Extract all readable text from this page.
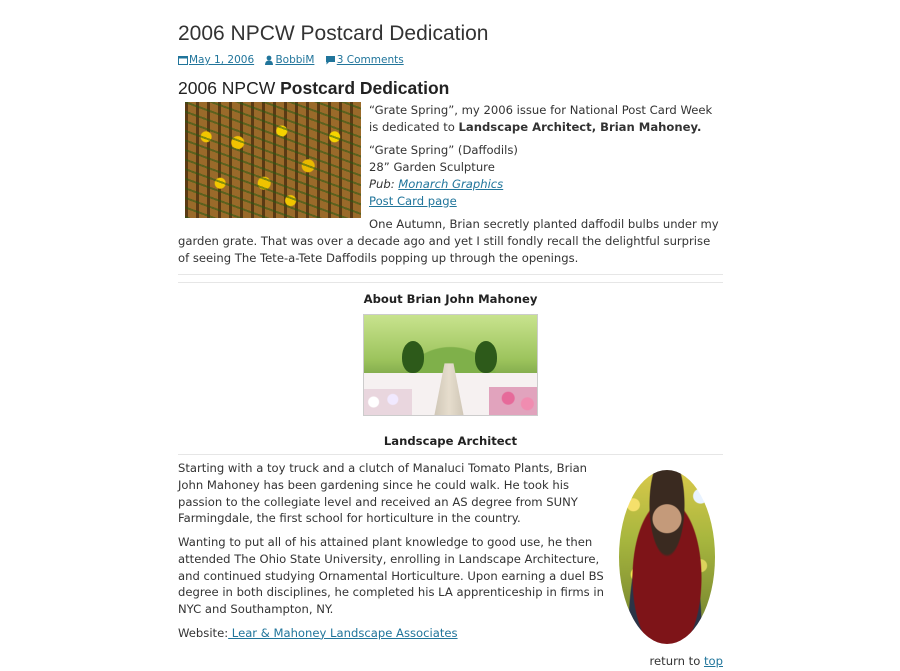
2006 NPCW Postcard Dedication
May 1, 2006 BobbiM 3 Comments
2006 NPCW Postcard Dedication

“Grate Spring”, my 2006 issue for National Post Card Week is dedicated to Landscape Architect, Brian Mahoney.

“Grate Spring” (Daffodils)
28” Garden Sculpture
Pub: Monarch Graphics
Post Card page

One Autumn, Brian secretly planted daffodil bulbs under my garden grate. That was over a decade ago and yet I still fondly recall the delightful surprise of seeing The Tete-a-Tete Daffodils popping up through the openings.

About Brian John Mahoney
Landscape Architect

Starting with a toy truck and a clutch of Manaluci Tomato Plants, Brian John Mahoney has been gardening since he could walk. He took his passion to the collegiate level and received an AS degree from SUNY Farmingdale, the first school for horticulture in the country.

Wanting to put all of his attained plant knowledge to good use, he then attended The Ohio State University, enrolling in Landscape Architecture, and continued studying Ornamental Horticulture. Upon earning a duel BS degree in both disciplines, he completed his LA apprenticeship in firms in NYC and Southampton, NY.

Website: Lear & Mahoney Landscape Associates

return to top
